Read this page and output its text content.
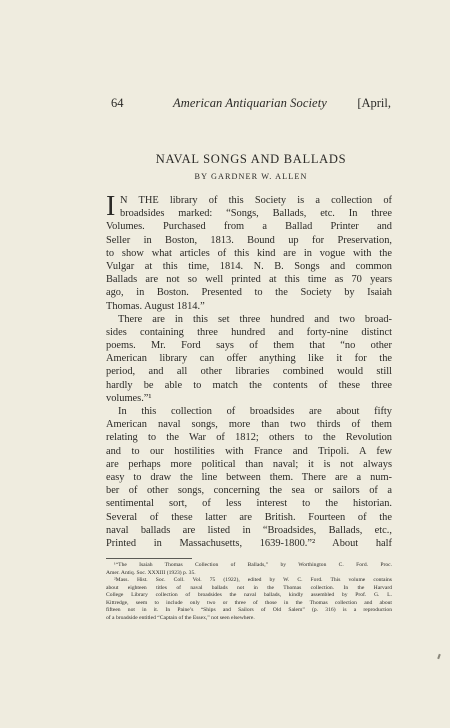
64	American Antiquarian Society [April,
NAVAL SONGS AND BALLADS
BY GARDNER W. ALLEN
I N THE library of this Society is a collection of
broadsides marked: “Songs, Ballads, etc. In three
Volumes. Purchased from a Ballad Printer and
Seller in Boston, 1813. Bound up for Preservation,
to show what articles of this kind are in vogue with the
Vulgar at this time, 1814. N. B. Songs and common
Ballads are not so well printed at this time as 70 years
ago, in Boston. Presented to the Society by Isaiah
Thomas. August 1814.”
There are in this set three hundred and two broad-
sides containing three hundred and forty-nine distinct
poems. Mr. Ford says of them that “no other
American library can offer anything like it for the
period, and all other libraries combined would still
hardly be able to match the contents of these three
volumes.”¹
In this collection of broadsides are about fifty
American naval songs, more than two thirds of them
relating to the War of 1812; others to the Revolution
and to our hostilities with France and Tripoli. A few
are perhaps more political than naval; it is not always
easy to draw the line between them. There are a num-
ber of other songs, concerning the sea or sailors of a
sentimental sort, of less interest to the historian.
Several of these latter are British. Fourteen of the
naval ballads are listed in “Broadsides, Ballads, etc.,
Printed in Massachusetts, 1639-1800.”² About half
¹“The Isaiah Thomas Collection of Ballads,” by Worthington C. Ford. Proc.
Amer. Antiq. Soc. XXXIII (1923) p. 35.
²Mass. Hist. Soc. Coll. Vol. 75 (1922), edited by W. C. Ford. This volume contains
about eighteen titles of naval ballads not in the Thomas collection. In the Harvard
College Library collection of broadsides the naval ballads, kindly assembled by Prof. G. L.
Kittredge, seem to include only two or three of those in the Thomas collection and about
fifteen not in it. In Paine’s “Ships and Sailors of Old Salem” (p. 316) is a reproduction
of a broadside entitled “Captain of the Essex,” not seen elsewhere.
